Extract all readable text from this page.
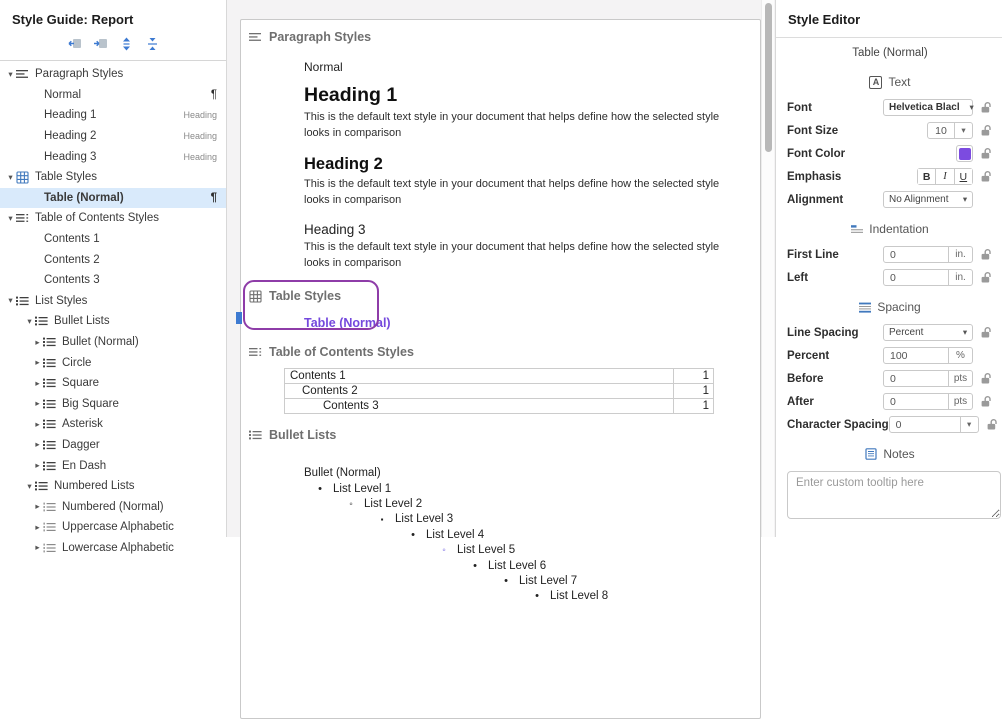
Style Guide: Report
▾ Paragraph Styles
Normal	¶
Heading 1	Heading
Heading 2	Heading
Heading 3	Heading
▾ Table Styles
Table (Normal)	¶
▾ Table of Contents Styles
Contents 1
Contents 2
Contents 3
▾ List Styles
▾ Bullet Lists
▸ Bullet (Normal)
▸ Circle
▸ Square
▸ Big Square
▸ Asterisk
▸ Dagger
▸ En Dash
▾ Numbered Lists
▸ Numbered (Normal)
▸ Uppercase Alphabetic
▸ Lowercase Alphabetic
Paragraph Styles
Normal
Heading 1
This is the default text style in your document that helps define how the selected style
looks in comparison
Heading 2
This is the default text style in your document that helps define how the selected style
looks in comparison
Heading 3
This is the default text style in your document that helps define how the selected style
looks in comparison
Table Styles
Table (Normal)
Table of Contents Styles
Contents 1	1
Contents 2	1
Contents 3	1
Bullet Lists
Bullet (Normal)
• List Level 1
◦ List Level 2
▪	List Level 3
• List Level 4
◦ List Level 5
• List Level 6
• List Level 7
• List Level 8
Style Editor
Table (Normal)
A Text
Font	Helvetica Blacl	▾
Font Size	10	▾
Font Color
Emphasis	B	I	U
Alignment	No Alignment	▾
Indentation
First Line	0	in.
Left	0	in.
Spacing
Line Spacing	Percent	▾
Percent	100	%
Before	0	pts
After	0	pts
Character Spacing 0	▾
Notes
Enter custom tooltip here
